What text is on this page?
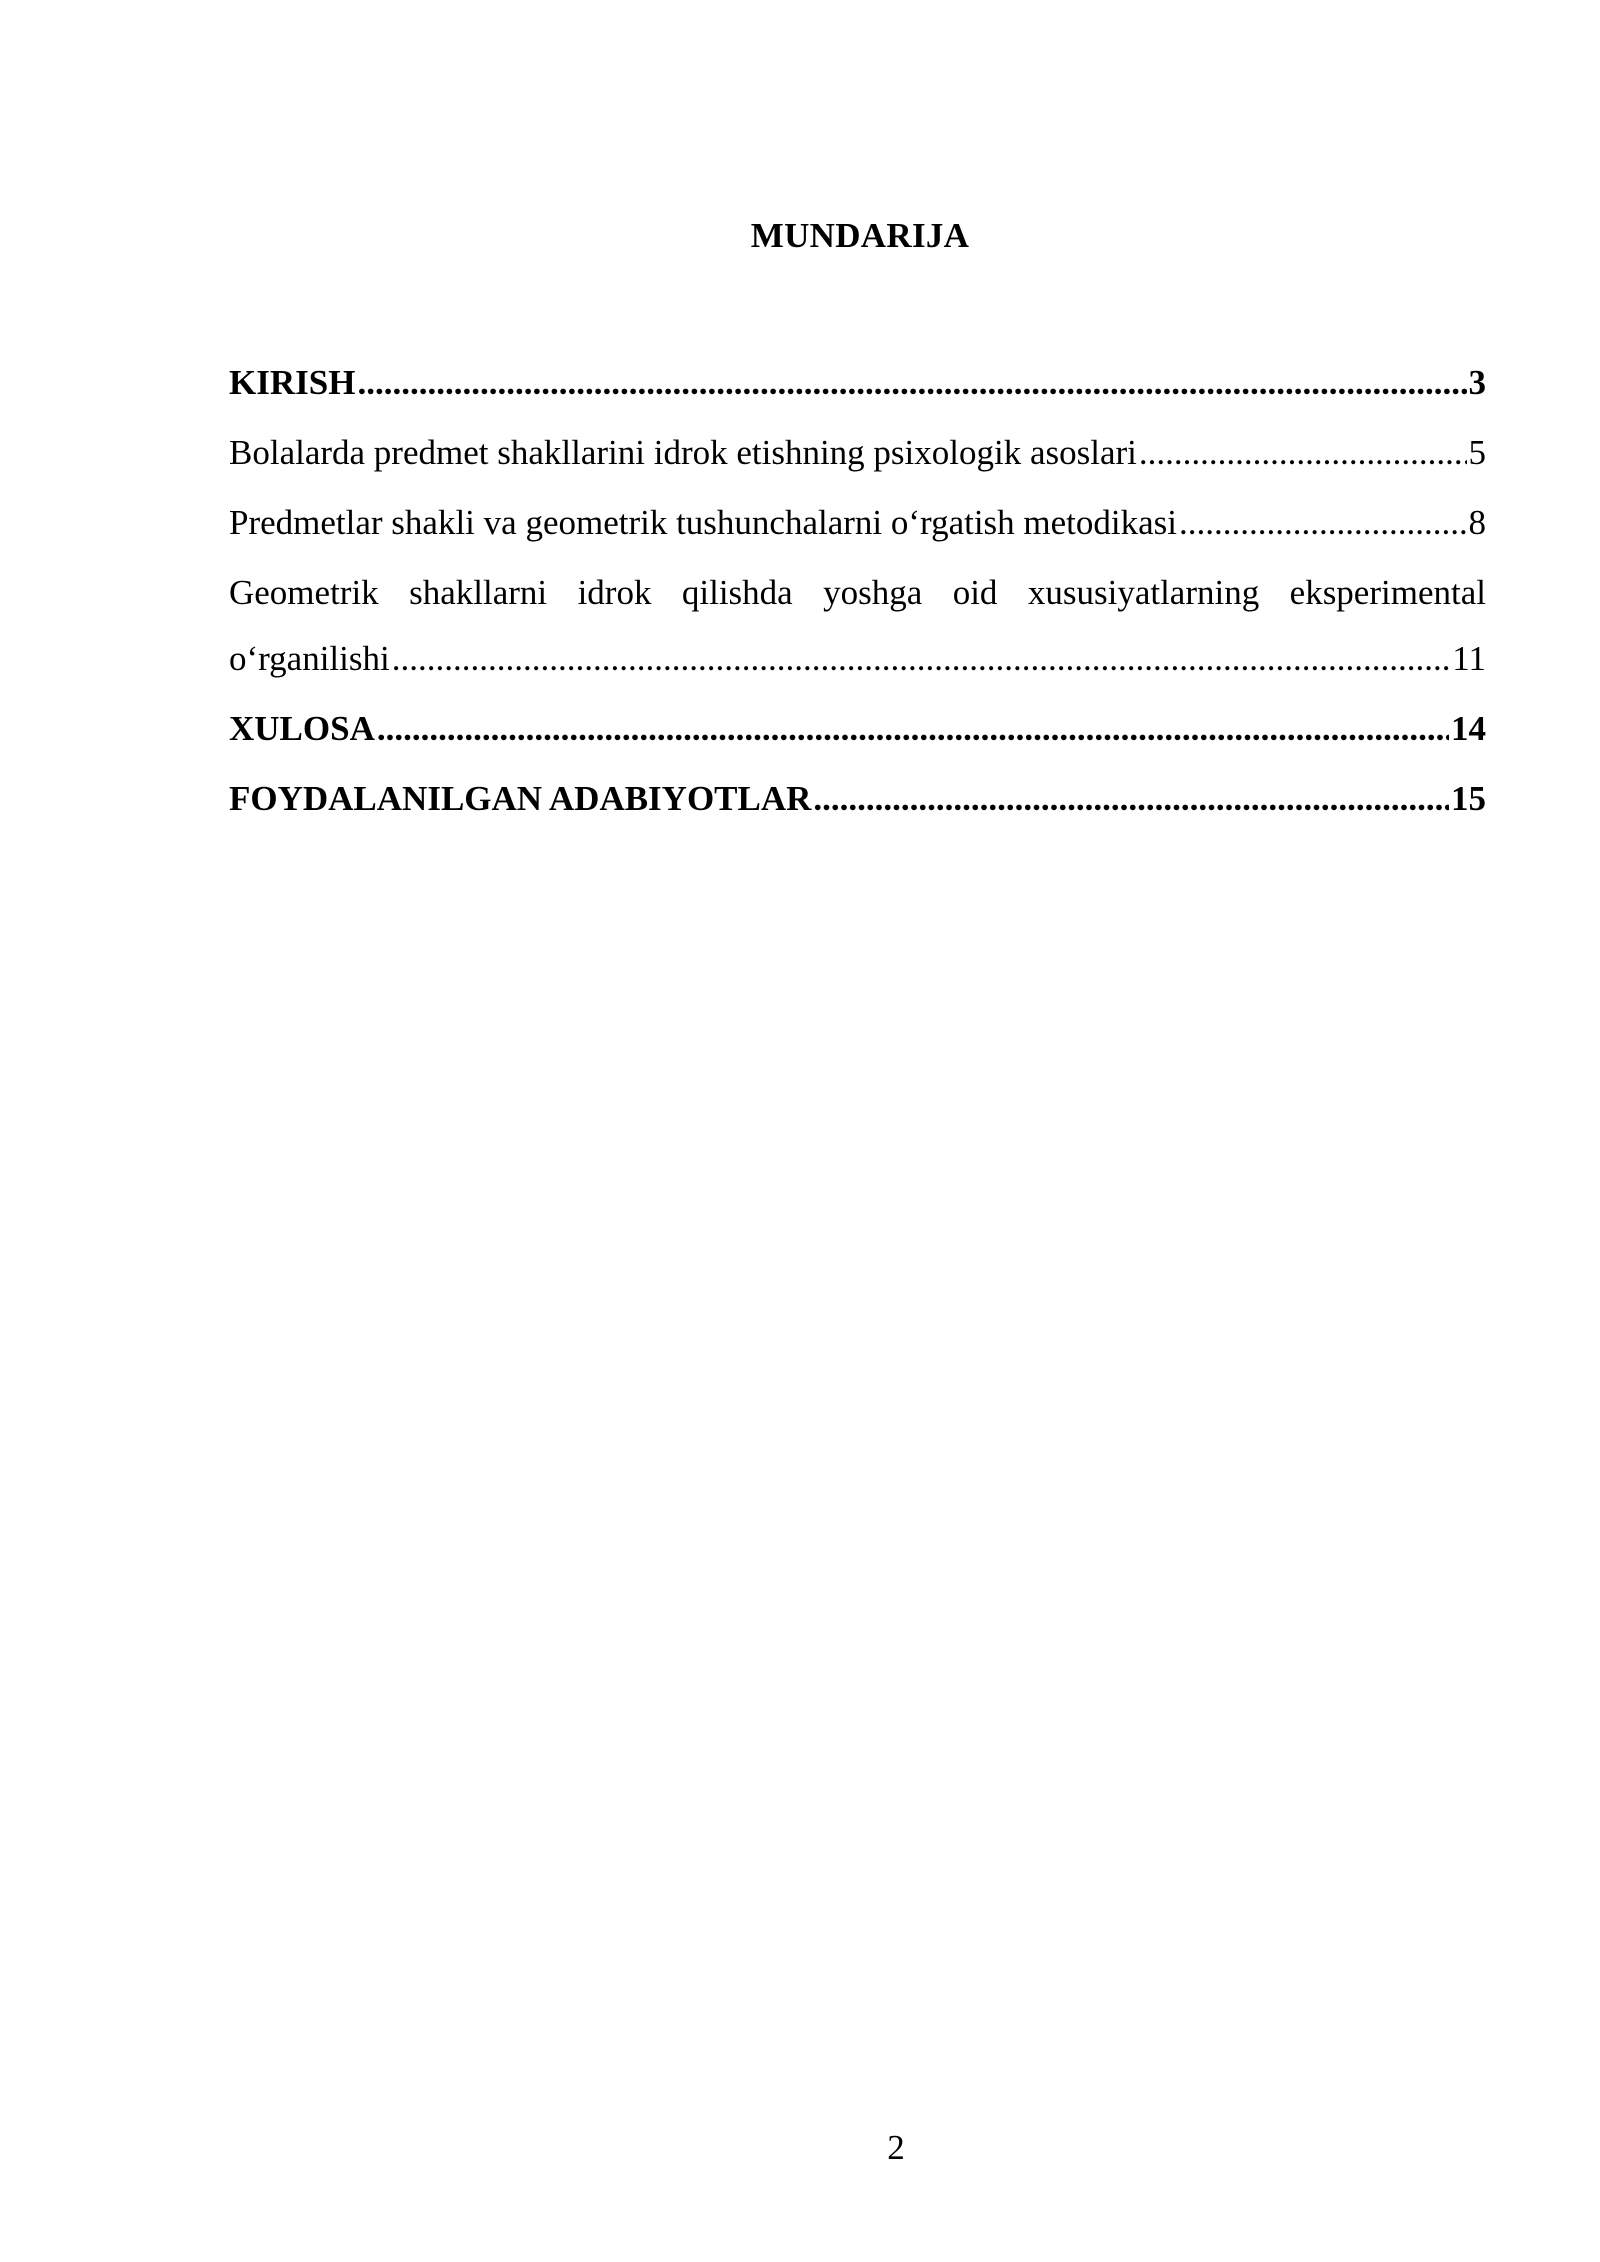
MUNDARIJA
KIRISH .....	3
Bolalarda predmet shakllarini idrok etishning psixologik asoslari .....	5
Predmetlar shakli va geometrik tushunchalarni o‘rgatish metodikasi .....	8
Geometrik shakllarni idrok qilishda yoshga oid xususiyatlarning eksperimental
o‘rganilishi .....	11
XULOSA .....	14
FOYDALANILGAN ADABIYOTLAR .....	15
2
